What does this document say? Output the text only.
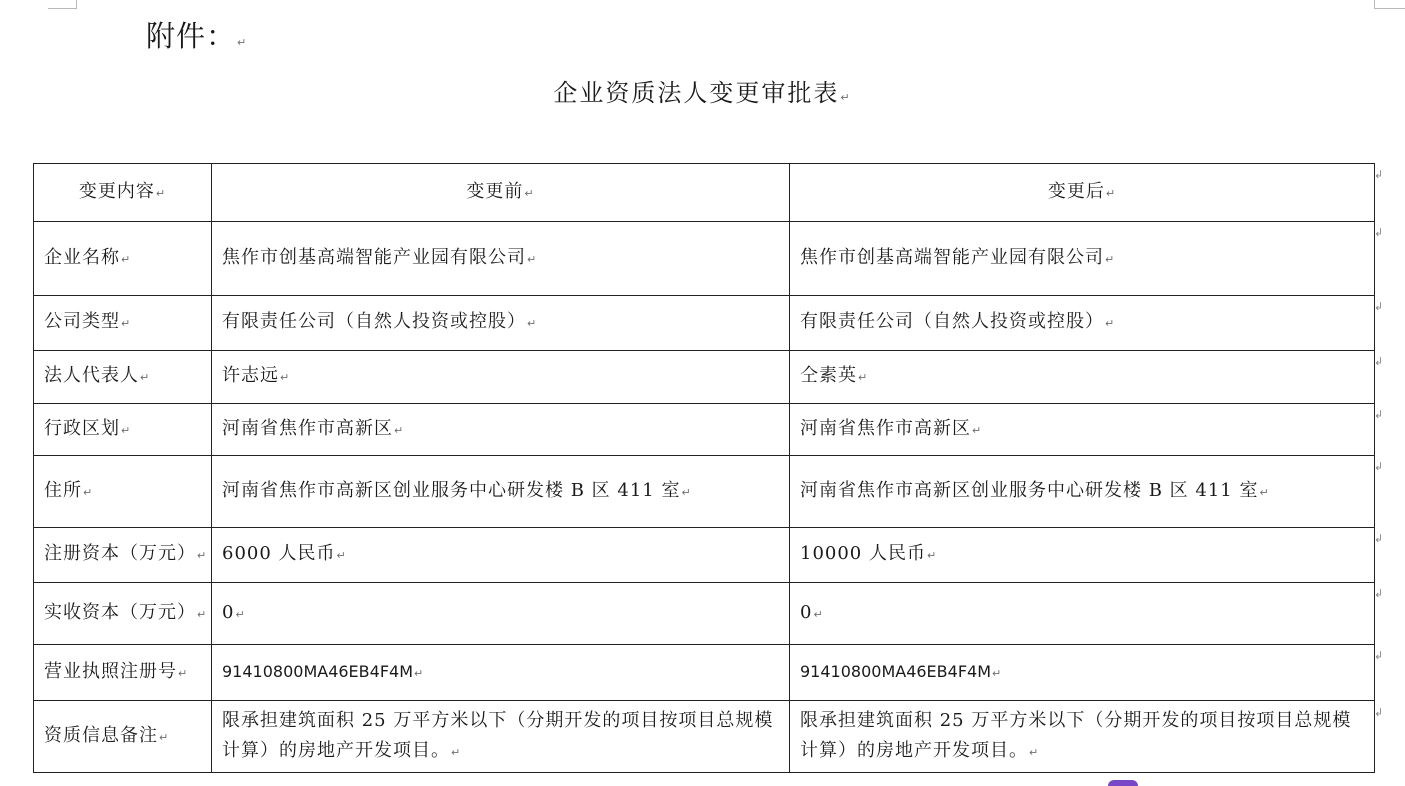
附件：↵
企业资质法人变更审批表↵
变更内容↵	变更前↵	变更后↵
企业名称↵	焦作市创基高端智能产业园有限公司↵	焦作市创基高端智能产业园有限公司↵
公司类型↵	有限责任公司（自然人投资或控股）↵	有限责任公司（自然人投资或控股）↵
法人代表人↵	许志远↵	仝素英↵
行政区划↵	河南省焦作市高新区↵	河南省焦作市高新区↵
住所↵	河南省焦作市高新区创业服务中心研发楼 B 区 411 室↵	河南省焦作市高新区创业服务中心研发楼 B 区 411 室↵
注册资本（万元）↵	6000 人民币↵	10000 人民币↵
实收资本（万元）↵	0↵	0↵
营业执照注册号↵	91410800MA46EB4F4M↵	91410800MA46EB4F4M↵
资质信息备注↵	限承担建筑面积 25 万平方米以下（分期开发的项目按项目总规模计算）的房地产开发项目。↵	限承担建筑面积 25 万平方米以下（分期开发的项目按项目总规模计算）的房地产开发项目。↵
↲
↲
↲
↲
↲
↲
↲
↲
↲
↲
